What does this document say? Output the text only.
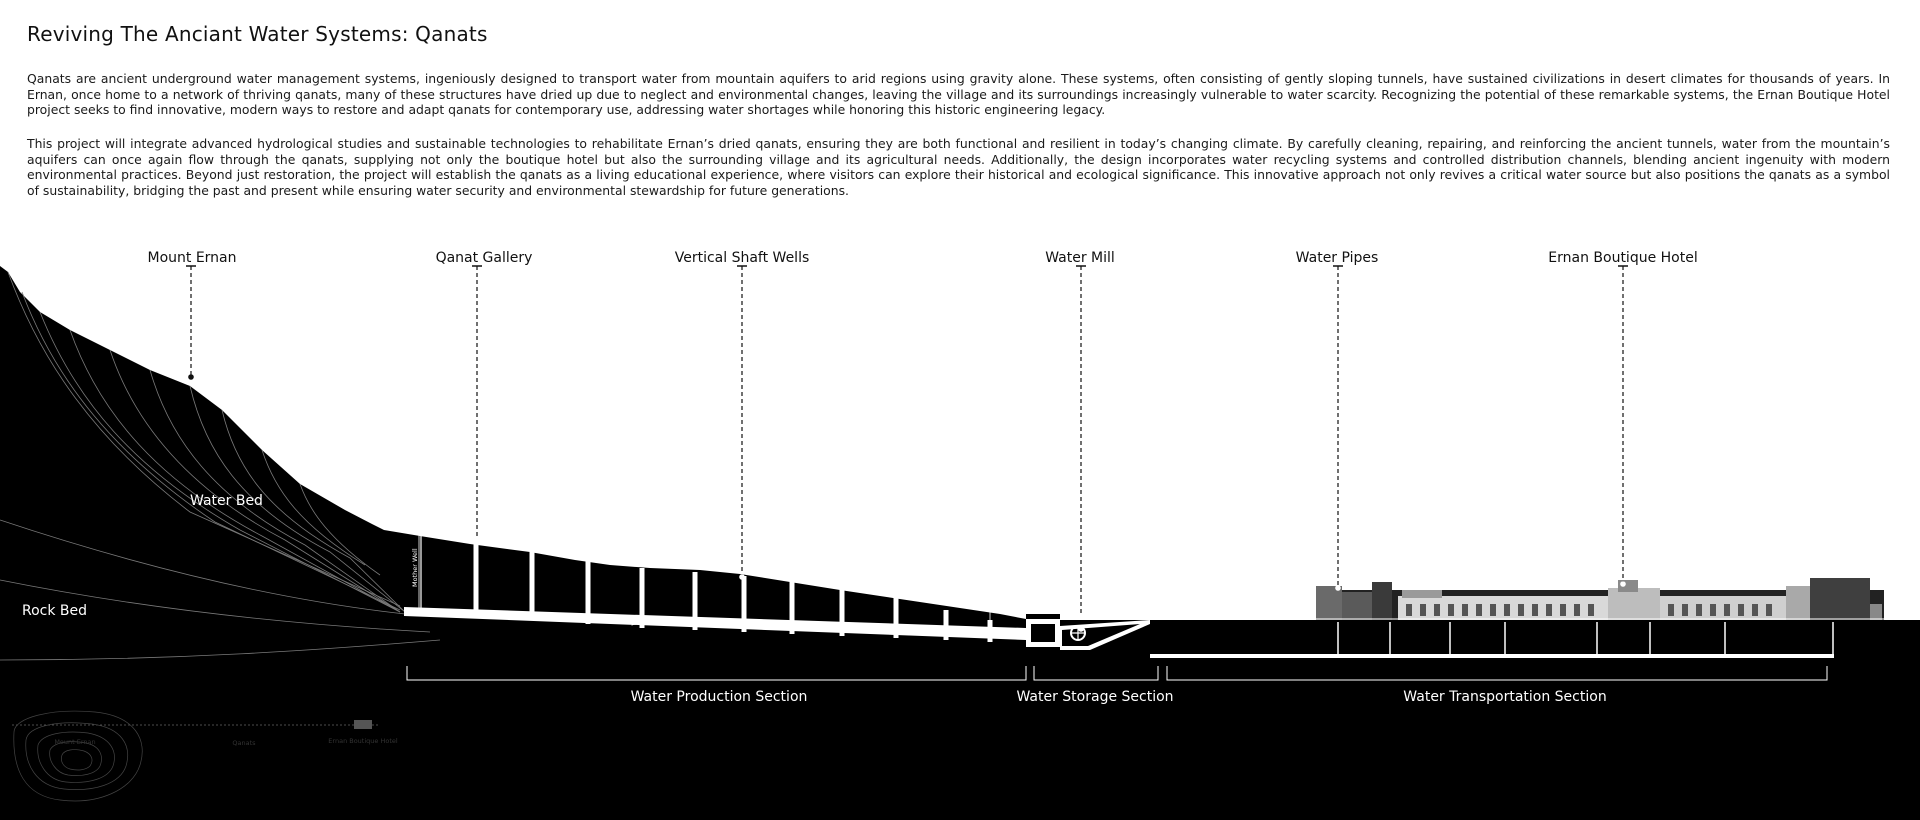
Reviving The Anciant Water Systems: Qanats

Qanats are ancient underground water management systems, ingeniously designed to transport water from mountain aquifers to arid regions using gravity alone. These systems, often consisting of gently sloping tunnels, have sustained civilizations in desert climates for thousands of years. In Ernan, once home to a network of thriving qanats, many of these structures have dried up due to neglect and environmental changes, leaving the village and its surroundings increasingly vulnerable to water scarcity. Recognizing the potential of these remarkable systems, the Ernan Boutique Hotel project seeks to find innovative, modern ways to restore and adapt qanats for contemporary use, addressing water shortages while honoring this historic engineering legacy.

This project will integrate advanced hydrological studies and sustainable technologies to rehabilitate Ernan’s dried qanats, ensuring they are both functional and resilient in today’s changing climate. By carefully cleaning, repairing, and reinforcing the ancient tunnels, water from the mountain’s aquifers can once again flow through the qanats, supplying not only the boutique hotel but also the surrounding village and its agricultural needs. Additionally, the design incorporates water recycling systems and controlled distribution channels, blending ancient ingenuity with modern environmental practices. Beyond just restoration, the project will establish the qanats as a living educational experience, where visitors can explore their historical and ecological significance. This innovative approach not only revives a critical water source but also positions the qanats as a symbol of sustainability, bridging the past and present while ensuring water security and environmental stewardship for future generations.

15 lit/sec
40 lit/sec
2 lit/sec
Mother Well
Slope 0.5/1000
Mount Ernan	Qanat Gallery	Vertical Shaft Wells	Water Mill	Water Pipes	Ernan Boutique Hotel
Water Bed
Rock Bed
Water Production Section	Water Storage Section	Water Transportation Section
Mount Ernan	Qanats	Ernan Boutique Hotel
